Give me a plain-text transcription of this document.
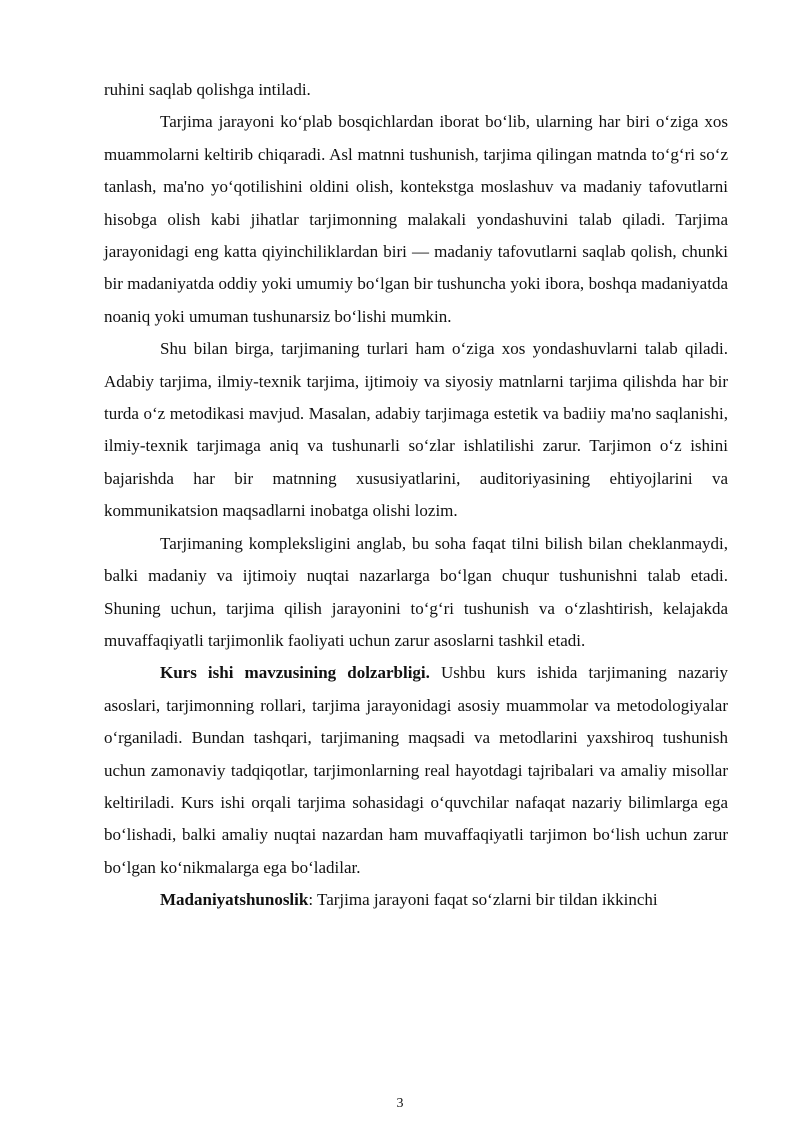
ruhini saqlab qolishga intiladi.

Tarjima jarayoni ko‘plab bosqichlardan iborat bo‘lib, ularning har biri o‘ziga xos muammolarni keltirib chiqaradi. Asl matnni tushunish, tarjima qilingan matnda to‘g‘ri so‘z tanlash, ma'no yo‘qotilishini oldini olish, kontekstga moslashuv va madaniy tafovutlarni hisobga olish kabi jihatlar tarjimonning malakali yondashuvini talab qiladi. Tarjima jarayonidagi eng katta qiyinchiliklardan biri — madaniy tafovutlarni saqlab qolish, chunki bir madaniyatda oddiy yoki umumiy bo‘lgan bir tushuncha yoki ibora, boshqa madaniyatda noaniq yoki umuman tushunarsiz bo‘lishi mumkin.

Shu bilan birga, tarjimaning turlari ham o‘ziga xos yondashuvlarni talab qiladi. Adabiy tarjima, ilmiy-texnik tarjima, ijtimoiy va siyosiy matnlarni tarjima qilishda har bir turda o‘z metodikasi mavjud. Masalan, adabiy tarjimaga estetik va badiiy ma'no saqlanishi, ilmiy-texnik tarjimaga aniq va tushunarli so‘zlar ishlatilishi zarur. Tarjimon o‘z ishini bajarishda har bir matnning xususiyatlarini, auditoriyasining ehtiyojlarini va kommunikatsion maqsadlarni inobatga olishi lozim.

Tarjimaning kompleksligini anglab, bu soha faqat tilni bilish bilan cheklanmaydi, balki madaniy va ijtimoiy nuqtai nazarlarga bo‘lgan chuqur tushunishni talab etadi. Shuning uchun, tarjima qilish jarayonini to‘g‘ri tushunish va o‘zlashtirish, kelajakda muvaffaqiyatli tarjimonlik faoliyati uchun zarur asoslarni tashkil etadi.

Kurs ishi mavzusining dolzarbligi. Ushbu kurs ishida tarjimaning nazariy asoslari, tarjimonning rollari, tarjima jarayonidagi asosiy muammolar va metodologiyalar o‘rganiladi. Bundan tashqari, tarjimaning maqsadi va metodlarini yaxshiroq tushunish uchun zamonaviy tadqiqotlar, tarjimonlarning real hayotdagi tajribalari va amaliy misollar keltiriladi. Kurs ishi orqali tarjima sohasidagi o‘quvchilar nafaqat nazariy bilimlarga ega bo‘lishadi, balki amaliy nuqtai nazardan ham muvaffaqiyatli tarjimon bo‘lish uchun zarur bo‘lgan ko‘nikmalarga ega bo‘ladilar.

Madaniyatshunoslik: Tarjima jarayoni faqat so‘zlarni bir tildan ikkinchi

3
